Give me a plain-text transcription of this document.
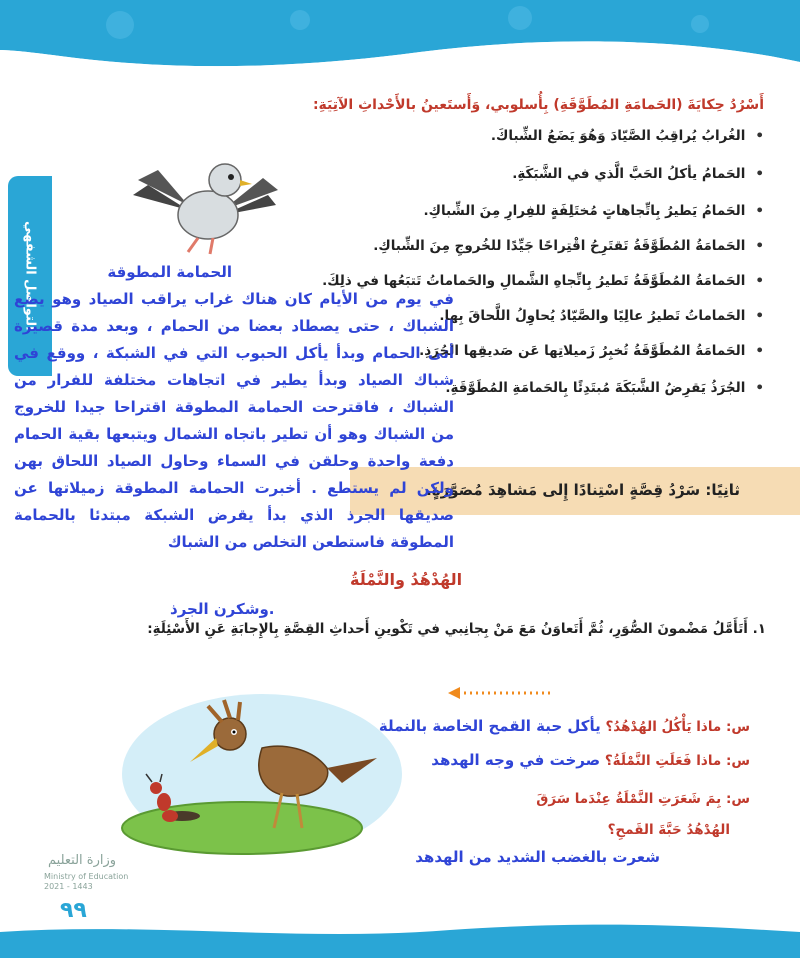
التواصل الشفهي
أَسْرُدُ حِكايَةَ (الحَمامَةِ المُطَوَّقَةِ) بِأُسلوبي، وَأَستَعينُ بالأَحْداثِ الآتِيَةِ:
• الغُرابُ يُراقِبُ الصَّيّادَ وَهُوَ يَضَعُ الشِّباكَ.
• الحَمامُ يأكلُ الحَبَّ الَّذي في الشَّبَكَةِ.
• الحَمامُ يَطيرُ بِاتِّجاهاتٍ مُختَلِفَةٍ للفِرارِ مِنَ الشِّباكِ.
• الحَمامَةُ المُطَوَّقَةُ تَقتَرِحُ اقْتِراحًا جَيِّدًا للخُروجِ مِنَ الشِّباكِ.
• الحَمامَةُ المُطَوَّقَةُ تَطيرُ بِاتِّجاهِ الشَّمالِ والحَماماتُ تَتبَعُها في ذلِكَ.
• الحَماماتُ تَطيرُ عالِيًا والصَّيّادُ يُحاوِلُ اللَّحاقَ بِها.
• الحَمامَةُ المُطَوَّقَةُ تُخبِرُ زَميلاتِها عَن صَديقِها الجُرَذِ.
• الجُرَذُ يَقرِضُ الشَّبَكَةَ مُبتَدِئًا بِالحَمامَةِ المُطَوَّقَةِ.
ثانِيًا: سَرْدُ قِصَّةٍ اسْتِنادًا إِلى مَشاهِدَ مُصَوَّرَةٍ.
الحمامة المطوقة
في يوم من الأيام كان هناك غراب يراقب الصياد وهو يضع الشباك ، حتى يصطاد بعضا من الحمام ، وبعد مدة قصيرة أتى الحمام وبدأ يأكل الحبوب التي في الشبكة ، ووقع في شباك الصياد وبدأ يطير في اتجاهات مختلفة للفرار من الشباك ، فاقترحت الحمامة المطوقة اقتراحا جيدا للخروج من الشباك وهو أن تطير باتجاه الشمال ويتبعها بقية الحمام دفعة واحدة وحلقن في السماء وحاول الصياد اللحاق بهن ولكن لم يستطع . أخبرت الحمامة المطوقة زميلاتها عن صديقها الجرذ الذي بدأ يقرض الشبكة مبتدئا بالحمامة المطوقة فاستطعن التخلص من الشباك
وشكرن الجرذ.
الهُدْهُدُ والنَّمْلَةُ
١. أَتَأَمَّلُ مَضْمونَ الصُّوَرِ، ثُمَّ أَتَعاوَنُ مَعَ مَنْ بِجانِبي في تَكْوينِ أَحداثِ القِصَّةِ بِالإِجابَةِ عَنِ الأَسْئِلَةِ:
س: ماذا يَأْكُلُ الهُدْهُدُ؟ يأكل حبة القمح الخاصة بالنملة
س: ماذا فَعَلَتِ النَّمْلَةُ؟ صرخت في وجه الهدهد
س: بِمَ شَعَرَتِ النَّمْلَةُ عِنْدَما سَرَقَ
الهُدْهُدُ حَبَّةَ القَمحِ؟
شعرت بالغضب الشديد من الهدهد
وزارة التعليم
Ministry of Education
2021 - 1443
٩٩
